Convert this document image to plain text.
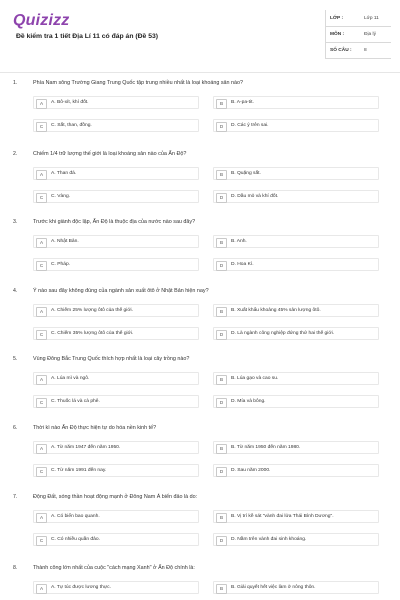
Quizizz
Đề kiểm tra 1 tiết Địa Lí 11 có đáp án (Đề 53)
LỚP :	Lớp 11
MÔN :	Địa lý
SỐ CÂU :	8
1.	Phía Nam sông Trường Giang Trung Quốc tập trung nhiều nhất là loại khoáng sản nào?
A	A. Bô-xít, khí đốt.	B	B. A-pa-tit.
C	C. Sắt, than, đồng.	D	D. Các ý trên sai.
2.	Chiếm 1/4 trữ lượng thế giới là loại khoáng sản nào của Ấn Độ?
A	A. Than đá.	B	B. Quặng sắt.
C	C. Vàng.	D	D. Dầu mỏ và khí đốt.
3.	Trước khi giành độc lập, Ấn Độ là thuộc địa của nước nào sau đây?
A	A. Nhật Bản.	B	B. Anh.
C	C. Pháp.	D	D. Hoa Kì.
4.	Ý nào sau đây không đúng của ngành sản xuất ôtô ở Nhật Bản hiện nay?
A	A. Chiếm 25% lượng ôtô của thế giới.	B	B. Xuất khẩu khoảng 45% sản lượng ôtô.
C	C. Chiếm 35% lượng ôtô của thế giới.	D	D. Là ngành công nghiệp đứng thứ hai thế giới.
5.	Vùng Đông Bắc Trung Quốc thích hợp nhất là loại cây trồng nào?
A	A. Lúa mì và ngô.	B	B. Lúa gạo và cao su.
C	C. Thuốc lá và cà phê.	D	D. Mía và bông.
6.	Thời kì nào Ấn Độ thực hiện tự do hóa nền kinh tế?
A	A. Từ năm 1947 đến năm 1950.	B	B. Từ năm 1950 đến năm 1980.
C	C. Từ năm 1991 đến nay.	D	D. Sau năm 2000.
7.	Động Đất, sóng thần hoạt động mạnh ở Đông Nam Á biển đảo là do:
A	A. Có biển bao quanh.	B	B. Vị trí kề sát "vành đai lửa Thái Bình Dương".
C	C. Có nhiều quần đảo.	D	D. Nằm trên vành đai sinh khoáng.
8.	Thành công lớn nhất của cuộc "cách mạng Xanh" ở Ấn Độ chính là:
A	A. Tự túc được lương thực.	B	B. Giải quyết hết việc làm ở nông thôn.
